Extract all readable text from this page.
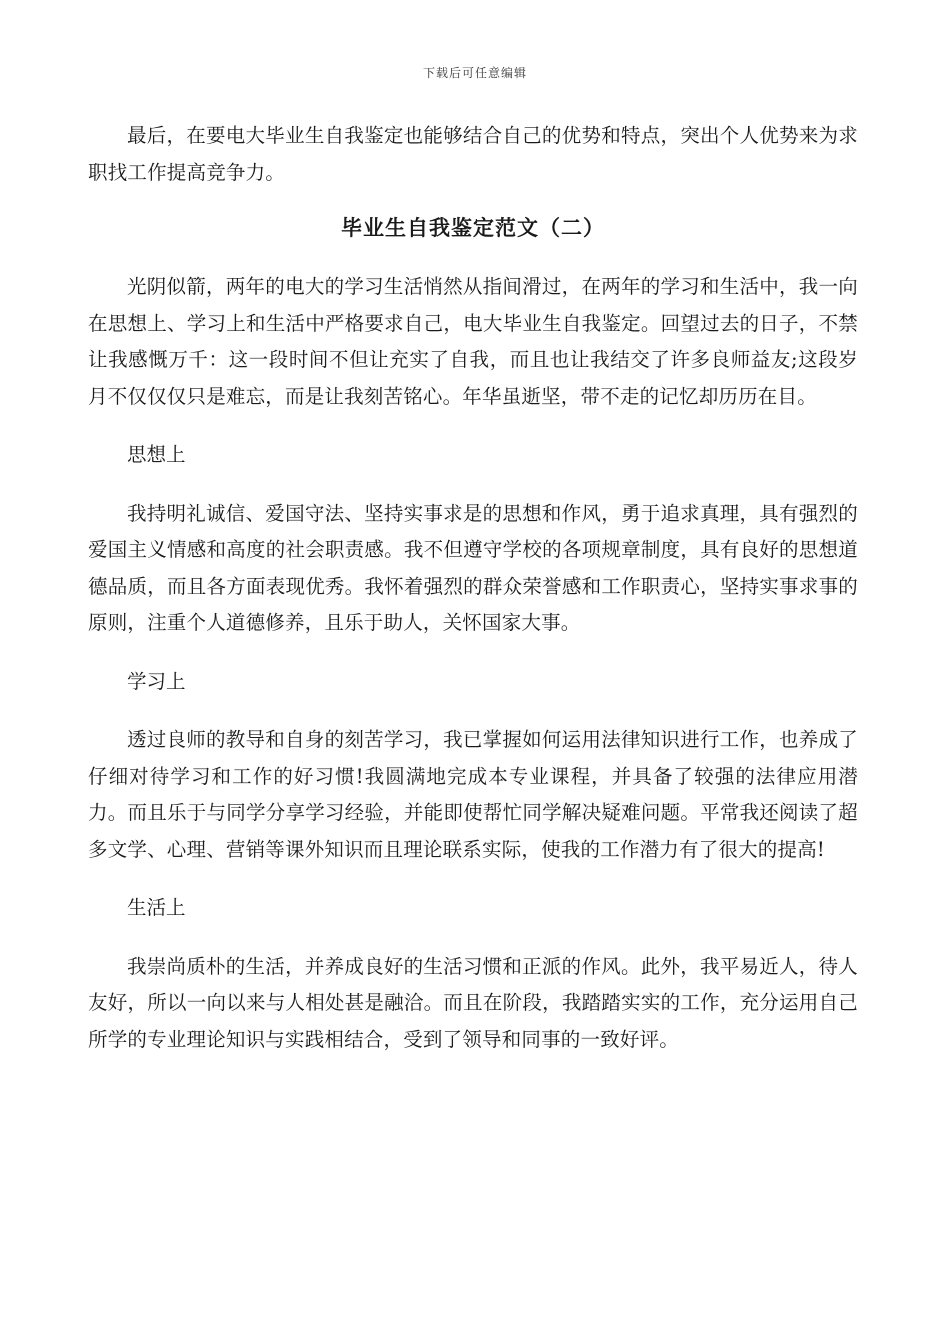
下载后可任意编辑

最后，在要电大毕业生自我鉴定也能够结合自己的优势和特点，突出个人优势来为求职找工作提高竞争力。

毕业生自我鉴定范文（二）

光阴似箭，两年的电大的学习生活悄然从指间滑过，在两年的学习和生活中，我一向在思想上、学习上和生活中严格要求自己，电大毕业生自我鉴定。回望过去的日子，不禁让我感慨万千：这一段时间不但让充实了自我，而且也让我结交了许多良师益友;这段岁月不仅仅仅只是难忘，而是让我刻苦铭心。年华虽逝坚，带不走的记忆却历历在目。

思想上

我持明礼诚信、爱国守法、坚持实事求是的思想和作风，勇于追求真理，具有强烈的爱国主义情感和高度的社会职责感。我不但遵守学校的各项规章制度，具有良好的思想道德品质，而且各方面表现优秀。我怀着强烈的群众荣誉感和工作职责心，坚持实事求事的原则，注重个人道德修养，且乐于助人，关怀国家大事。

学习上

透过良师的教导和自身的刻苦学习，我已掌握如何运用法律知识进行工作，也养成了仔细对待学习和工作的好习惯!我圆满地完成本专业课程，并具备了较强的法律应用潜力。而且乐于与同学分享学习经验，并能即使帮忙同学解决疑难问题。平常我还阅读了超多文学、心理、营销等课外知识而且理论联系实际，使我的工作潜力有了很大的提高!

生活上

我崇尚质朴的生活，并养成良好的生活习惯和正派的作风。此外，我平易近人，待人友好，所以一向以来与人相处甚是融洽。而且在阶段，我踏踏实实的工作，充分运用自己所学的专业理论知识与实践相结合，受到了领导和同事的一致好评。
